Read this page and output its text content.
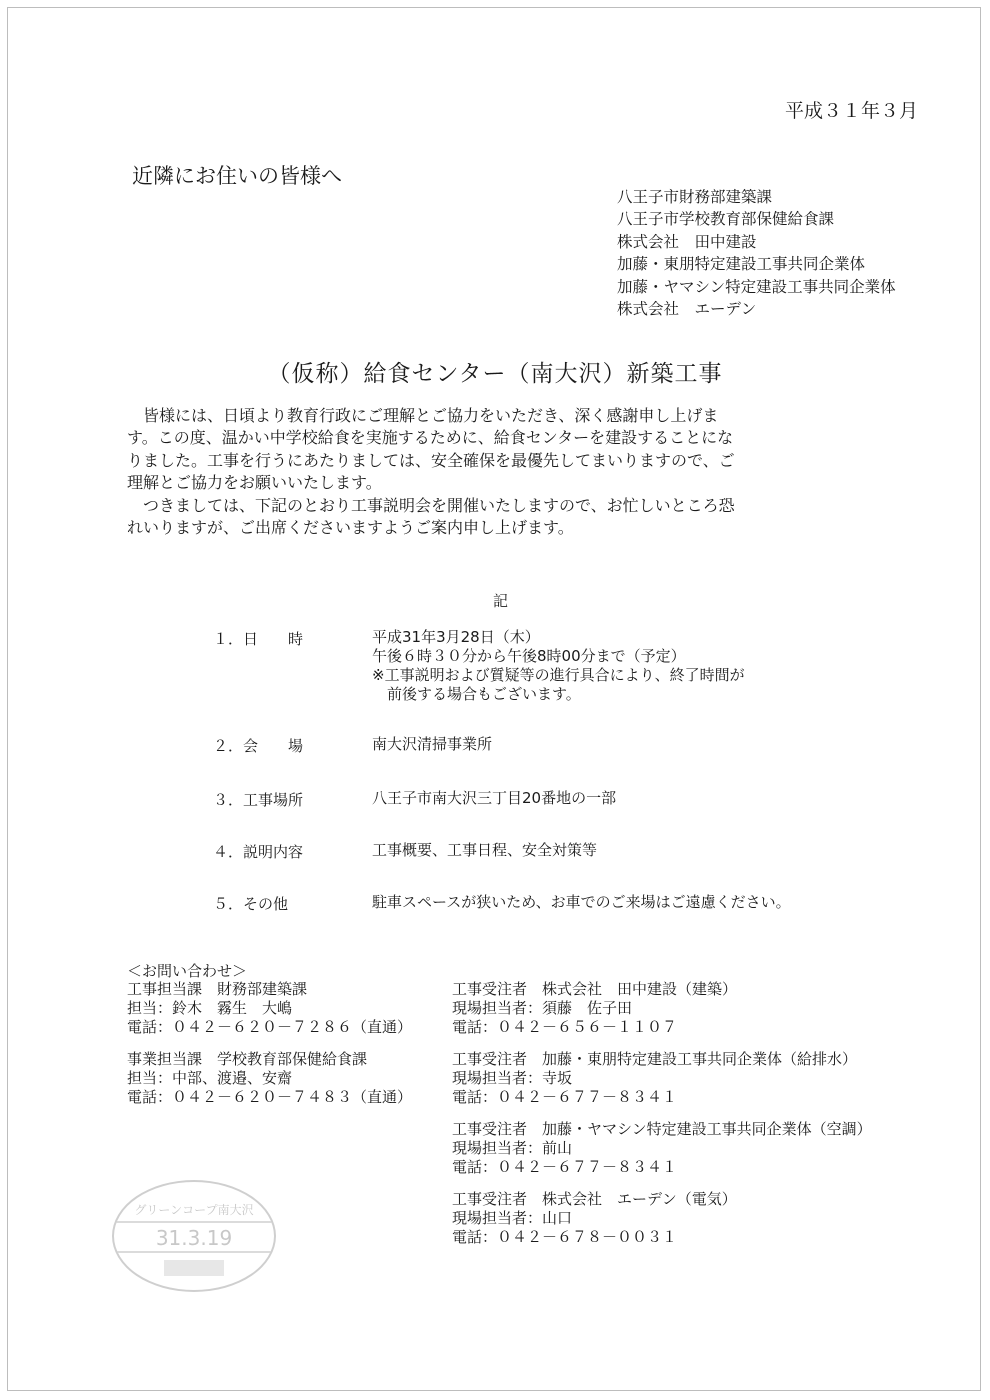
平成３１年３月
近隣にお住いの皆様へ
八王子市財務部建築課
八王子市学校教育部保健給食課
株式会社　田中建設
加藤・東朋特定建設工事共同企業体
加藤・ヤマシン特定建設工事共同企業体
株式会社　エーデン
（仮称）給食センター（南大沢）新築工事
　皆様には、日頃より教育行政にご理解とご協力をいただき、深く感謝申し上げま
す。この度、温かい中学校給食を実施するために、給食センターを建設することにな
りました。工事を行うにあたりましては、安全確保を最優先してまいりますので、ご
理解とご協力をお願いいたします。
　つきましては、下記のとおり工事説明会を開催いたしますので、お忙しいところ恐
れいりますが、ご出席くださいますようご案内申し上げます。
記
１．日　　時	平成31年3月28日（木）
午後６時３０分から午後8時00分まで（予定）
※工事説明および質疑等の進行具合により、終了時間が
　前後する場合もございます。
２．会　　場	南大沢清掃事業所
３．工事場所	八王子市南大沢三丁目20番地の一部
４．説明内容	工事概要、工事日程、安全対策等
５．その他	駐車スペースが狭いため、お車でのご来場はご遠慮ください。
＜お問い合わせ＞
工事担当課　財務部建築課
担当：鈴木　霧生　大嶋
電話：０４２－６２０－７２８６（直通）
事業担当課　学校教育部保健給食課
担当：中部、渡邉、安齋
電話：０４２－６２０－７４８３（直通）
工事受注者　株式会社　田中建設（建築）
現場担当者：須藤　佐子田
電話：０４２－６５６－１１０７
工事受注者　加藤・東朋特定建設工事共同企業体（給排水）
現場担当者：寺坂
電話：０４２－６７７－８３４１
工事受注者　加藤・ヤマシン特定建設工事共同企業体（空調）
現場担当者：前山
電話：０４２－６７７－８３４１
工事受注者　株式会社　エーデン（電気）
現場担当者：山口
電話：０４２－６７８－００３１
グリーンコープ南大沢
31.3.19
